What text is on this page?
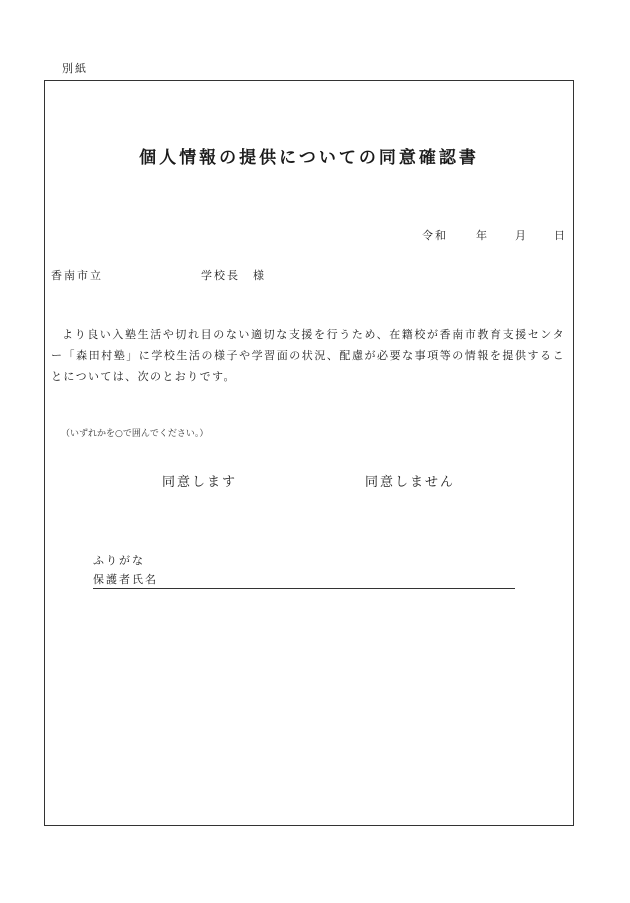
別紙
個人情報の提供についての同意確認書
令和	年	月	日
香南市立	学校長　様
より良い入塾生活や切れ目のない適切な支援を行うため、在籍校が香南市教育支援センター「森田村塾」に学校生活の様子や学習面の状況、配慮が必要な事項等の情報を提供することについては、次のとおりです。
（いずれかを○で囲んでください。）
同意します	同意しません
ふりがな
保護者氏名
